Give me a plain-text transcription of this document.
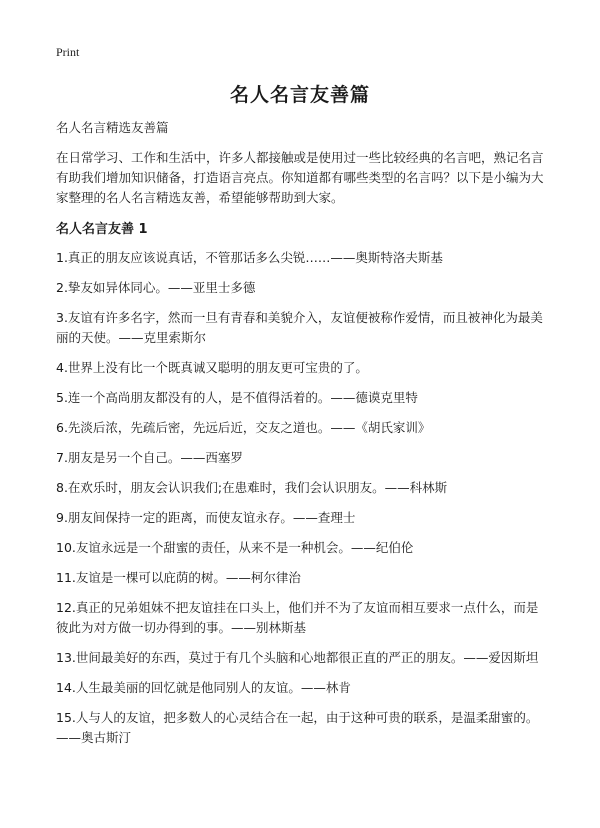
Print
名人名言友善篇

名人名言精选友善篇

在日常学习、工作和生活中，许多人都接触或是使用过一些比较经典的名言吧，熟记名言有助我们增加知识储备，打造语言亮点。你知道都有哪些类型的名言吗？以下是小编为大家整理的名人名言精选友善，希望能够帮助到大家。

名人名言友善 1

1.真正的朋友应该说真话，不管那话多么尖锐……——奥斯特洛夫斯基

2.挚友如异体同心。——亚里士多德

3.友谊有许多名字，然而一旦有青春和美貌介入，友谊便被称作爱情，而且被神化为最美丽的天使。——克里索斯尔

4.世界上没有比一个既真诚又聪明的朋友更可宝贵的了。

5.连一个高尚朋友都没有的人，是不值得活着的。——德谟克里特

6.先淡后浓，先疏后密，先远后近，交友之道也。——《胡氏家训》

7.朋友是另一个自己。——西塞罗

8.在欢乐时，朋友会认识我们;在患难时，我们会认识朋友。——科林斯

9.朋友间保持一定的距离，而使友谊永存。——查理士

10.友谊永远是一个甜蜜的责任，从来不是一种机会。——纪伯伦

11.友谊是一棵可以庇荫的树。——柯尔律治

12.真正的兄弟姐妹不把友谊挂在口头上，他们并不为了友谊而相互要求一点什么，而是彼此为对方做一切办得到的事。——别林斯基

13.世间最美好的东西，莫过于有几个头脑和心地都很正直的严正的朋友。——爱因斯坦

14.人生最美丽的回忆就是他同别人的友谊。——林肯

15.人与人的友谊，把多数人的心灵结合在一起，由于这种可贵的联系，是温柔甜蜜的。——奥古斯汀
